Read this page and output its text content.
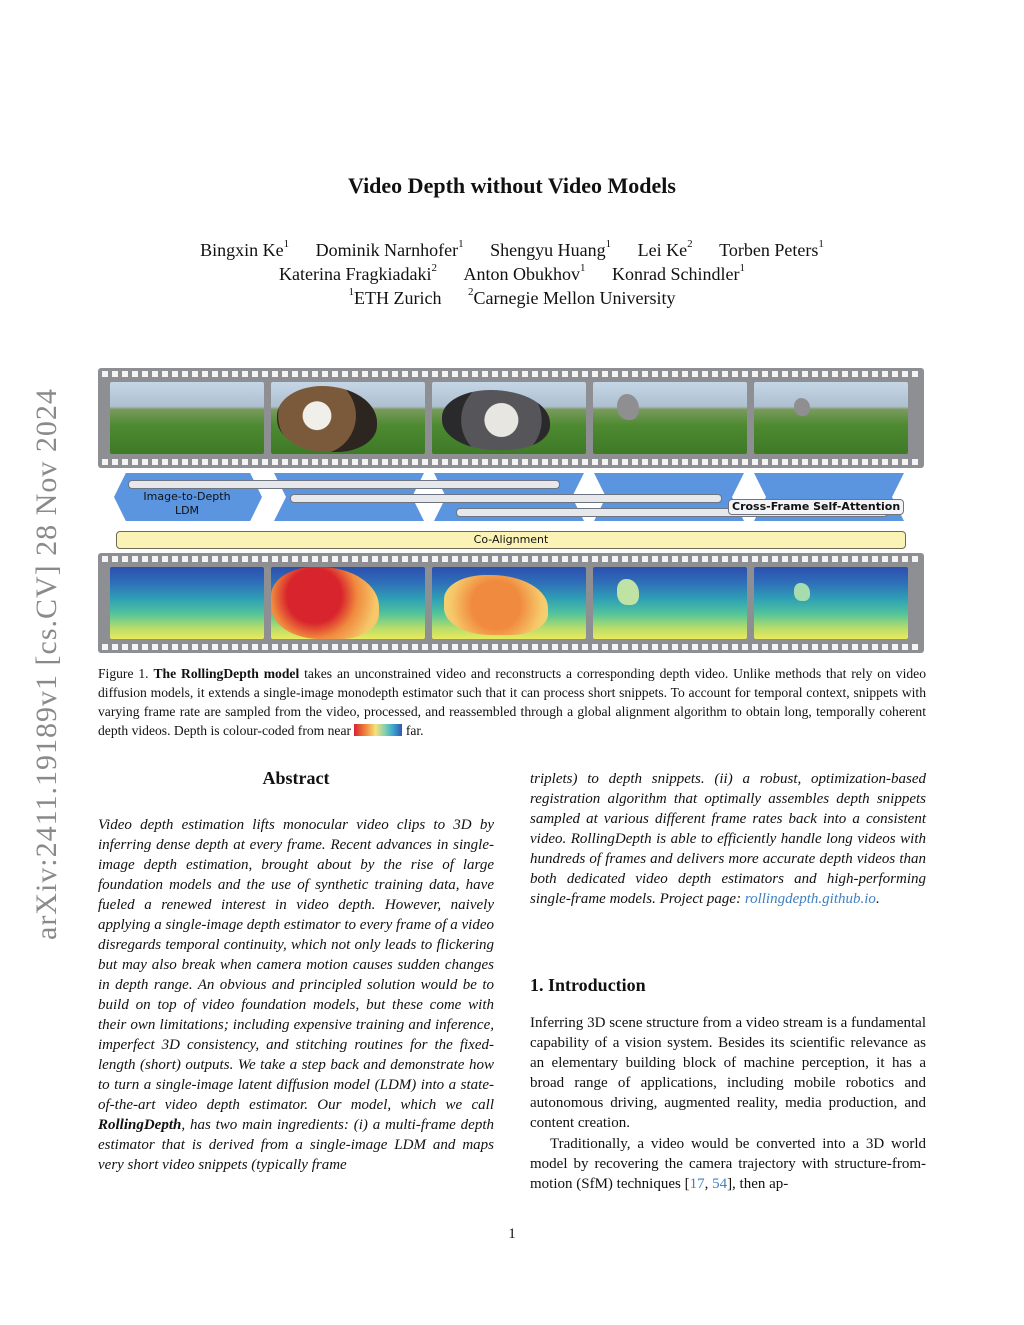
arXiv:2411.19189v1 [cs.CV] 28 Nov 2024
Video Depth without Video Models
Bingxin Ke$^1$ Dominik Narnhofer$^1$ Shengyu Huang$^1$ Lei Ke$^2$ Torben Peters$^1$
Katerina Fragkiadaki$^2$ Anton Obukhov$^1$ Konrad Schindler$^1$
$^1$ETH Zurich $^2$Carnegie Mellon University
Image-to-Depth
LDM	Cross-Frame Self-Attention
Co-Alignment
Figure 1. The RollingDepth model takes an unconstrained video and reconstructs a corresponding depth video. Unlike methods that rely on video diffusion models, it extends a single-image monodepth estimator such that it can process short snippets. To account for temporal context, snippets with varying frame rate are sampled from the video, processed, and reassembled through a global alignment algorithm to obtain long, temporally coherent depth videos. Depth is colour-coded from near	far.
Abstract
Video depth estimation lifts monocular video clips to 3D by inferring dense depth at every frame. Recent advances in single-image depth estimation, brought about by the rise of large foundation models and the use of synthetic training data, have fueled a renewed interest in video depth. However, naively applying a single-image depth estimator to every frame of a video disregards temporal continuity, which not only leads to flickering but may also break when camera motion causes sudden changes in depth range. An obvious and principled solution would be to build on top of video foundation models, but these come with their own limitations; including expensive training and inference, imperfect 3D consistency, and stitching routines for the fixed-length (short) outputs. We take a step back and demonstrate how to turn a single-image latent diffusion model (LDM) into a state-of-the-art video depth estimator. Our model, which we call RollingDepth, has two main ingredients: (i) a multi-frame depth estimator that is derived from a single-image LDM and maps very short video snippets (typically frame
triplets) to depth snippets. (ii) a robust, optimization-based registration algorithm that optimally assembles depth snippets sampled at various different frame rates back into a consistent video. RollingDepth is able to efficiently handle long videos with hundreds of frames and delivers more accurate depth videos than both dedicated video depth estimators and high-performing single-frame models. Project page: rollingdepth.github.io.
1. Introduction
Inferring 3D scene structure from a video stream is a fundamental capability of a vision system. Besides its scientific relevance as an elementary building block of machine perception, it has a broad range of applications, including mobile robotics and autonomous driving, augmented reality, media production, and content creation.
Traditionally, a video would be converted into a 3D world model by recovering the camera trajectory with structure-from-motion (SfM) techniques [17, 54], then ap-
1
